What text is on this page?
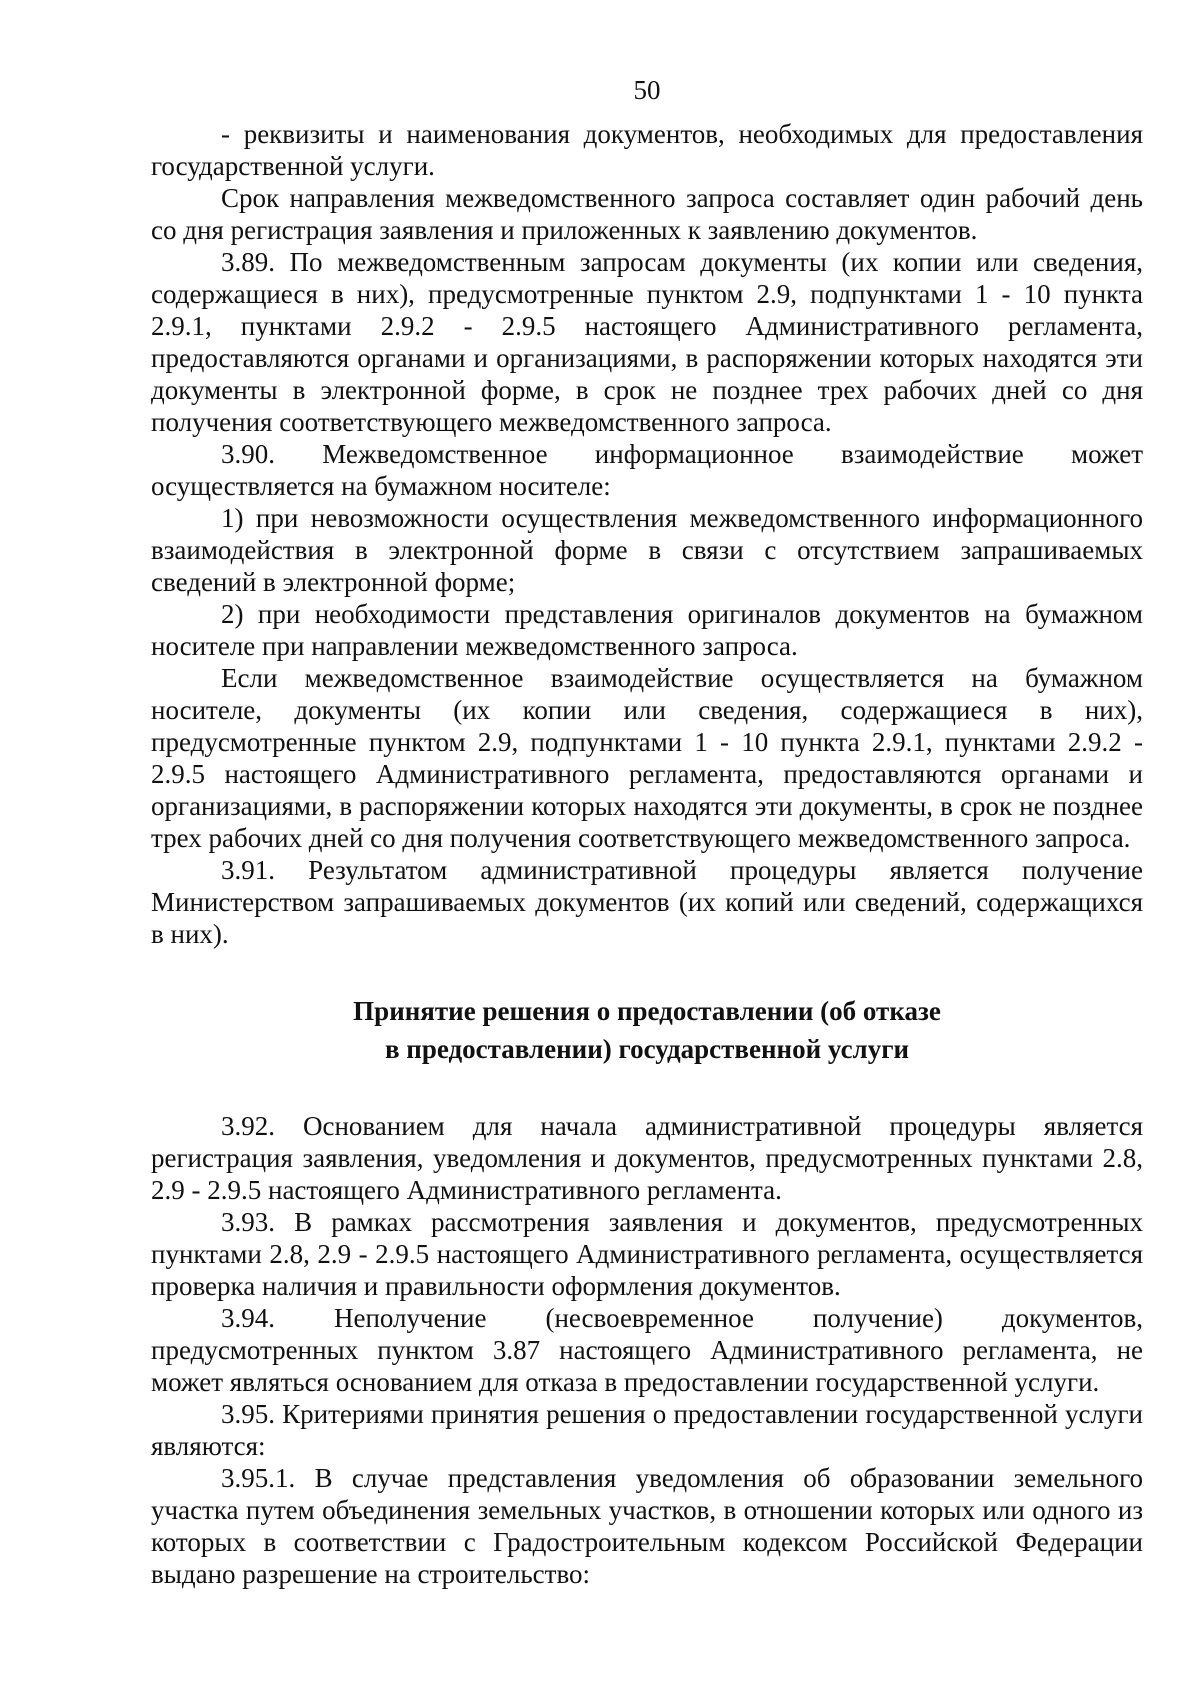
50

- реквизиты и наименования документов, необходимых для предоставления государственной услуги.

Срок направления межведомственного запроса составляет один рабочий день со дня регистрация заявления и приложенных к заявлению документов.

3.89. По межведомственным запросам документы (их копии или сведения, содержащиеся в них), предусмотренные пунктом 2.9, подпунктами 1 - 10 пункта 2.9.1, пунктами 2.9.2 - 2.9.5 настоящего Административного регламента, предоставляются органами и организациями, в распоряжении которых находятся эти документы в электронной форме, в срок не позднее трех рабочих дней со дня получения соответствующего межведомственного запроса.

3.90. Межведомственное информационное взаимодействие может осуществляется на бумажном носителе:

1) при невозможности осуществления межведомственного информационного взаимодействия в электронной форме в связи с отсутствием запрашиваемых сведений в электронной форме;

2) при необходимости представления оригиналов документов на бумажном носителе при направлении межведомственного запроса.

Если межведомственное взаимодействие осуществляется на бумажном носителе, документы (их копии или сведения, содержащиеся в них), предусмотренные пунктом 2.9, подпунктами 1 - 10 пункта 2.9.1, пунктами 2.9.2 - 2.9.5 настоящего Административного регламента, предоставляются органами и организациями, в распоряжении которых находятся эти документы, в срок не позднее трех рабочих дней со дня получения соответствующего межведомственного запроса.

3.91. Результатом административной процедуры является получение Министерством запрашиваемых документов (их копий или сведений, содержащихся в них).

Принятие решения о предоставлении (об отказе
в предоставлении) государственной услуги

3.92. Основанием для начала административной процедуры является регистрация заявления, уведомления и документов, предусмотренных пунктами 2.8, 2.9 - 2.9.5 настоящего Административного регламента.

3.93. В рамках рассмотрения заявления и документов, предусмотренных пунктами 2.8, 2.9 - 2.9.5 настоящего Административного регламента, осуществляется проверка наличия и правильности оформления документов.

3.94. Неполучение (несвоевременное получение) документов, предусмотренных пунктом 3.87 настоящего Административного регламента, не может являться основанием для отказа в предоставлении государственной услуги.

3.95. Критериями принятия решения о предоставлении государственной услуги являются:

3.95.1. В случае представления уведомления об образовании земельного участка путем объединения земельных участков, в отношении которых или одного из которых в соответствии с Градостроительным кодексом Российской Федерации выдано разрешение на строительство:
